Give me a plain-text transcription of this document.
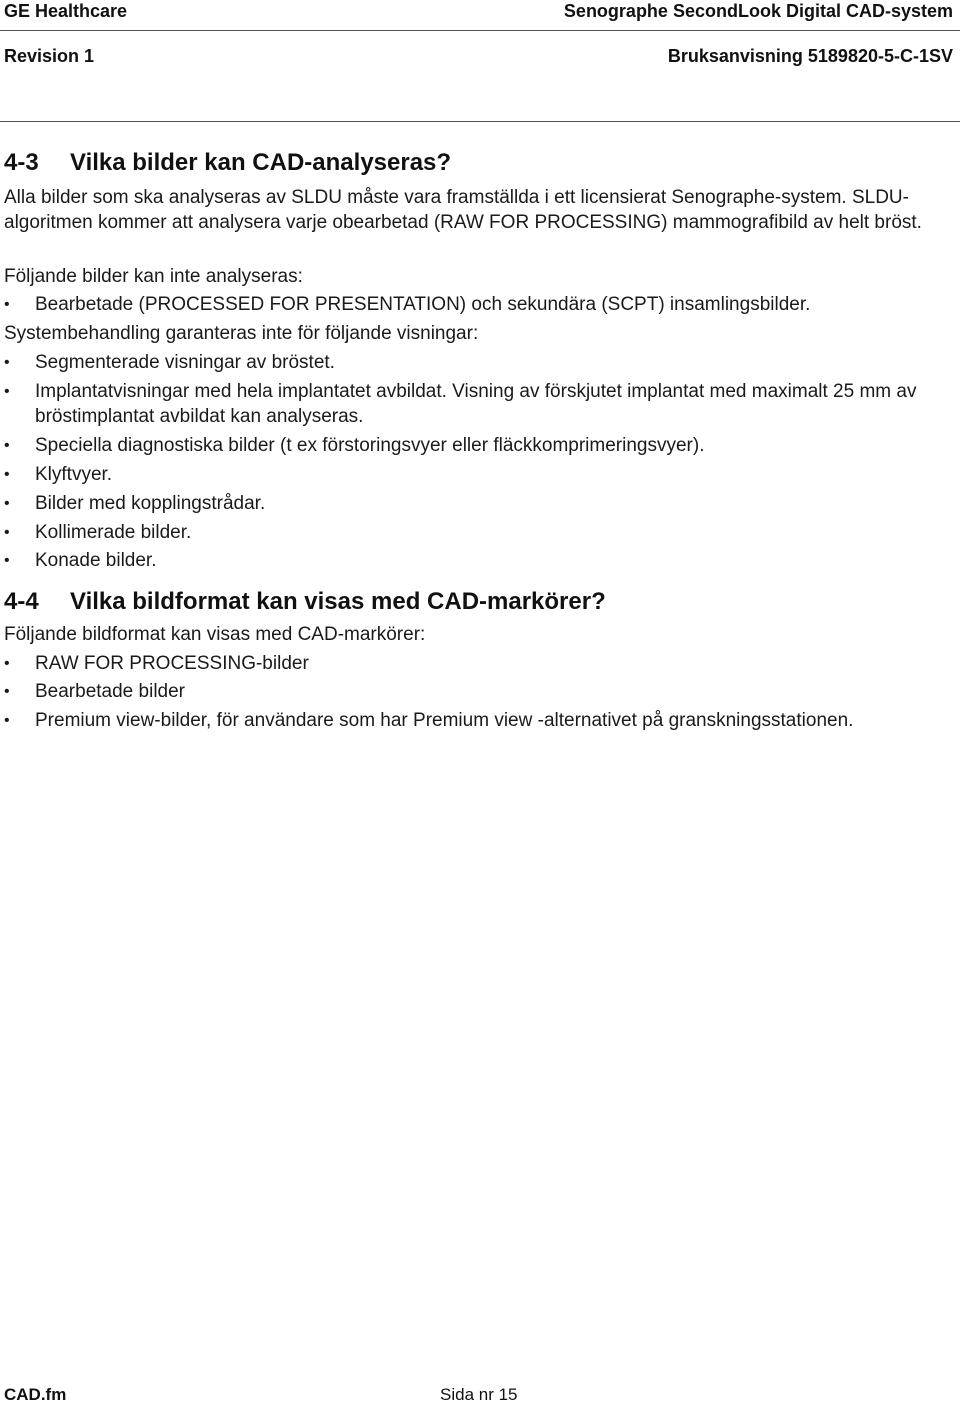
GE Healthcare	Senographe SecondLook Digital CAD-system
Revision 1	Bruksanvisning 5189820-5-C-1SV
4-3 Vilka bilder kan CAD-analyseras?
Alla bilder som ska analyseras av SLDU måste vara framställda i ett licensierat Senographe-system. SLDU-algoritmen kommer att analysera varje obearbetad (RAW FOR PROCESSING) mammografibild av helt bröst.
Följande bilder kan inte analyseras:
•	Bearbetade (PROCESSED FOR PRESENTATION) och sekundära (SCPT) insamlingsbilder.
Systembehandling garanteras inte för följande visningar:
•	Segmenterade visningar av bröstet.
•	Implantatvisningar med hela implantatet avbildat. Visning av förskjutet implantat med maximalt 25 mm av bröstimplantat avbildat kan analyseras.
•	Speciella diagnostiska bilder (t ex förstoringsvyer eller fläckkomprimeringsvyer).
•	Klyftvyer.
•	Bilder med kopplingstrådar.
•	Kollimerade bilder.
•	Konade bilder.
4-4 Vilka bildformat kan visas med CAD-markörer?
Följande bildformat kan visas med CAD-markörer:
•	RAW FOR PROCESSING-bilder
•	Bearbetade bilder
•	Premium view-bilder, för användare som har Premium view -alternativet på granskningsstationen.
CAD.fm	Sida nr 15
